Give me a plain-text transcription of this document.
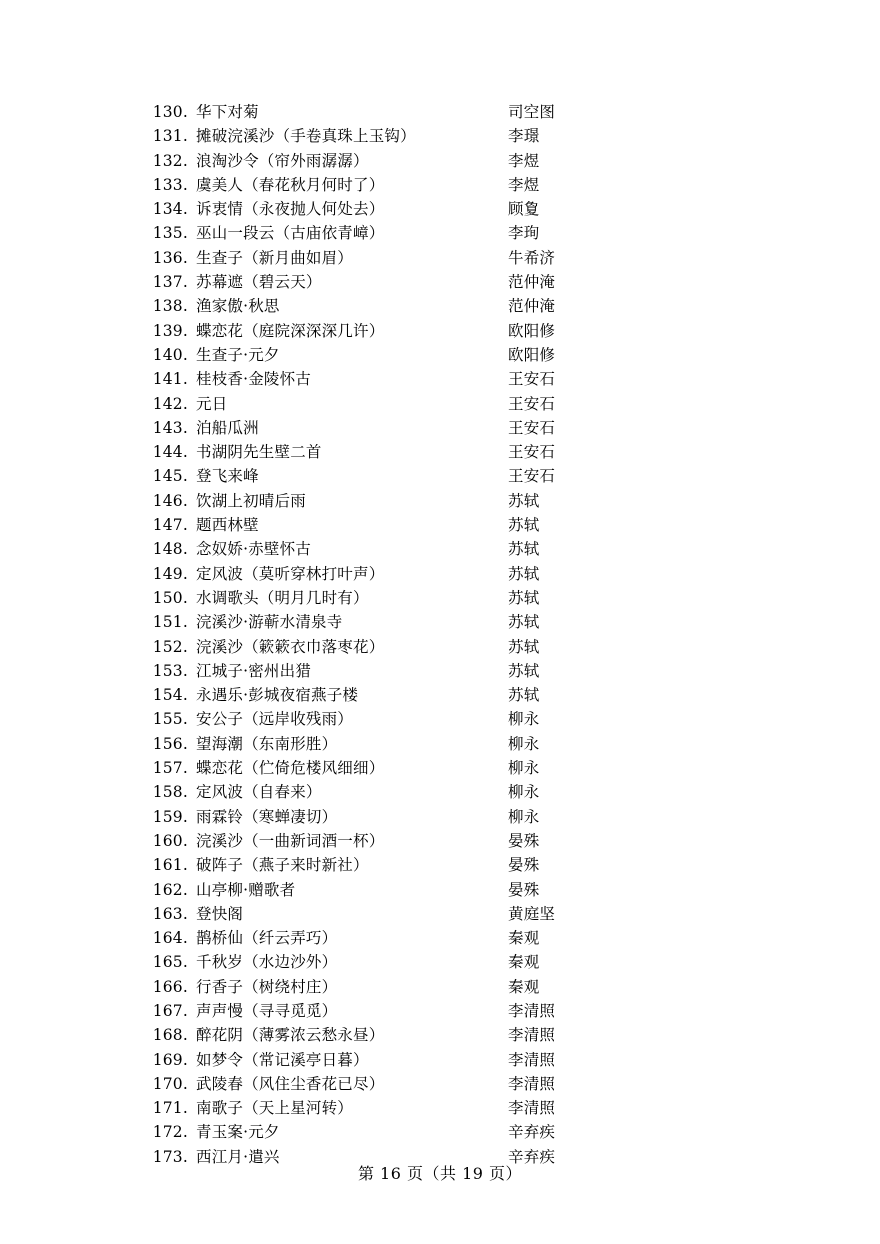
130. 华下对菊	司空图
131. 摊破浣溪沙（手卷真珠上玉钩）	李璟
132. 浪淘沙令（帘外雨潺潺）	李煜
133. 虞美人（春花秋月何时了）	李煜
134. 诉衷情（永夜抛人何处去）	顾夐
135. 巫山一段云（古庙依青嶂）	李珣
136. 生查子（新月曲如眉）	牛希济
137. 苏幕遮（碧云天）	范仲淹
138. 渔家傲·秋思	范仲淹
139. 蝶恋花（庭院深深深几许）	欧阳修
140. 生查子·元夕	欧阳修
141. 桂枝香·金陵怀古	王安石
142. 元日	王安石
143. 泊船瓜洲	王安石
144. 书湖阴先生壁二首	王安石
145. 登飞来峰	王安石
146. 饮湖上初晴后雨	苏轼
147. 题西林壁	苏轼
148. 念奴娇·赤壁怀古	苏轼
149. 定风波（莫听穿林打叶声）	苏轼
150. 水调歌头（明月几时有）	苏轼
151. 浣溪沙·游蕲水清泉寺	苏轼
152. 浣溪沙（簌簌衣巾落枣花）	苏轼
153. 江城子·密州出猎	苏轼
154. 永遇乐·彭城夜宿燕子楼	苏轼
155. 安公子（远岸收残雨）	柳永
156. 望海潮（东南形胜）	柳永
157. 蝶恋花（伫倚危楼风细细）	柳永
158. 定风波（自春来）	柳永
159. 雨霖铃（寒蝉凄切）	柳永
160. 浣溪沙（一曲新词酒一杯）	晏殊
161. 破阵子（燕子来时新社）	晏殊
162. 山亭柳·赠歌者	晏殊
163. 登快阁	黄庭坚
164. 鹊桥仙（纤云弄巧）	秦观
165. 千秋岁（水边沙外）	秦观
166. 行香子（树绕村庄）	秦观
167. 声声慢（寻寻觅觅）	李清照
168. 醉花阴（薄雾浓云愁永昼）	李清照
169. 如梦令（常记溪亭日暮）	李清照
170. 武陵春（风住尘香花已尽）	李清照
171. 南歌子（天上星河转）	李清照
172. 青玉案·元夕	辛弃疾
173. 西江月·遣兴	辛弃疾
第 16 页（共 19 页）
